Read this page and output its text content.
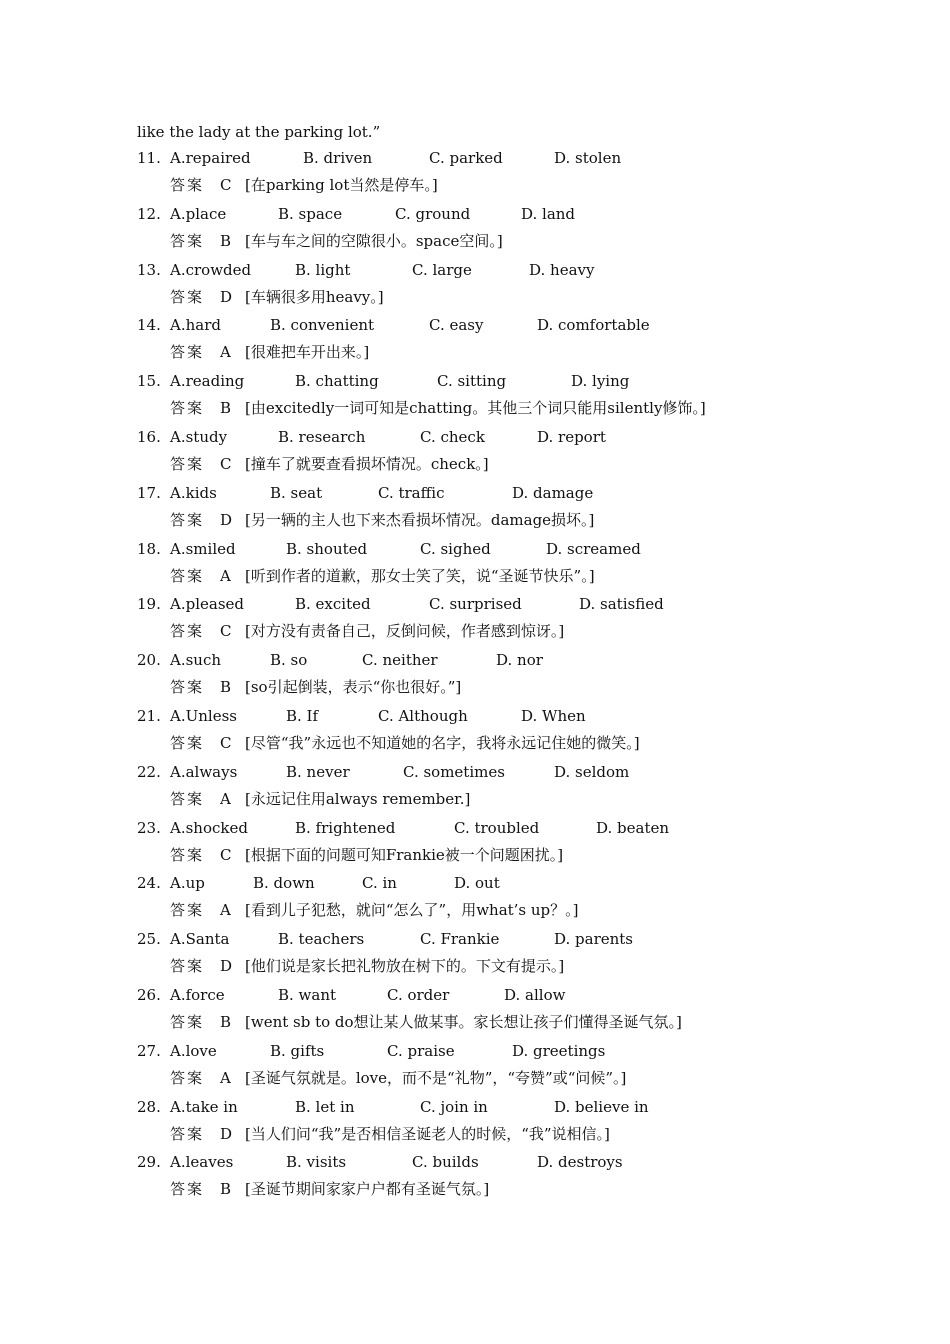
like the lady at the parking lot.”
11. A.repaired	B. driven	C. parked	D. stolen
答案 C [在parking lot当然是停车。]
12. A.place	B. space	C. ground	D. land
答案 B [车与车之间的空隙很小。space空间。]
13. A.crowded	B. light	C. large	D. heavy
答案 D [车辆很多用heavy。]
14. A.hard	B. convenient	C. easy	D. comfortable
答案 A [很难把车开出来。]
15. A.reading	B. chatting	C. sitting	D. lying
答案 B [由excitedly一词可知是chatting。其他三个词只能用silently修饰。]
16. A.study	B. research	C. check	D. report
答案 C [撞车了就要查看损坏情况。check。]
17. A.kids	B. seat	C. traffic	D. damage
答案 D [另一辆的主人也下来杰看损坏情况。damage损坏。]
18. A.smiled	B. shouted	C. sighed	D. screamed
答案 A [听到作者的道歉，那女士笑了笑，说“圣诞节快乐”。]
19. A.pleased	B. excited	C. surprised	D. satisfied
答案 C [对方没有责备自己，反倒问候，作者感到惊讶。]
20. A.such	B. so	C. neither	D. nor
答案 B [so引起倒装，表示“你也很好。”]
21. A.Unless	B. If	C. Although	D. When
答案 C [尽管“我”永远也不知道她的名字，我将永远记住她的微笑。]
22. A.always	B. never	C. sometimes	D. seldom
答案 A [永远记住用always remember.]
23. A.shocked	B. frightened	C. troubled	D. beaten
答案 C [根据下面的问题可知Frankie被一个问题困扰。]
24. A.up	B. down	C. in	D. out
答案 A [看到儿子犯愁，就问“怎么了”，用what’s up？。]
25. A.Santa	B. teachers	C. Frankie	D. parents
答案 D [他们说是家长把礼物放在树下的。下文有提示。]
26. A.force	B. want	C. order	D. allow
答案 B [went sb to do想让某人做某事。家长想让孩子们懂得圣诞气氛。]
27. A.love	B. gifts	C. praise	D. greetings
答案 A [圣诞气氛就是。love，而不是“礼物”，“夸赞”或“问候”。]
28. A.take in	B. let in	C. join in	D. believe in
答案 D [当人们问“我”是否相信圣诞老人的时候，“我”说相信。]
29. A.leaves	B. visits	C. builds	D. destroys
答案 B [圣诞节期间家家户户都有圣诞气氛。]
